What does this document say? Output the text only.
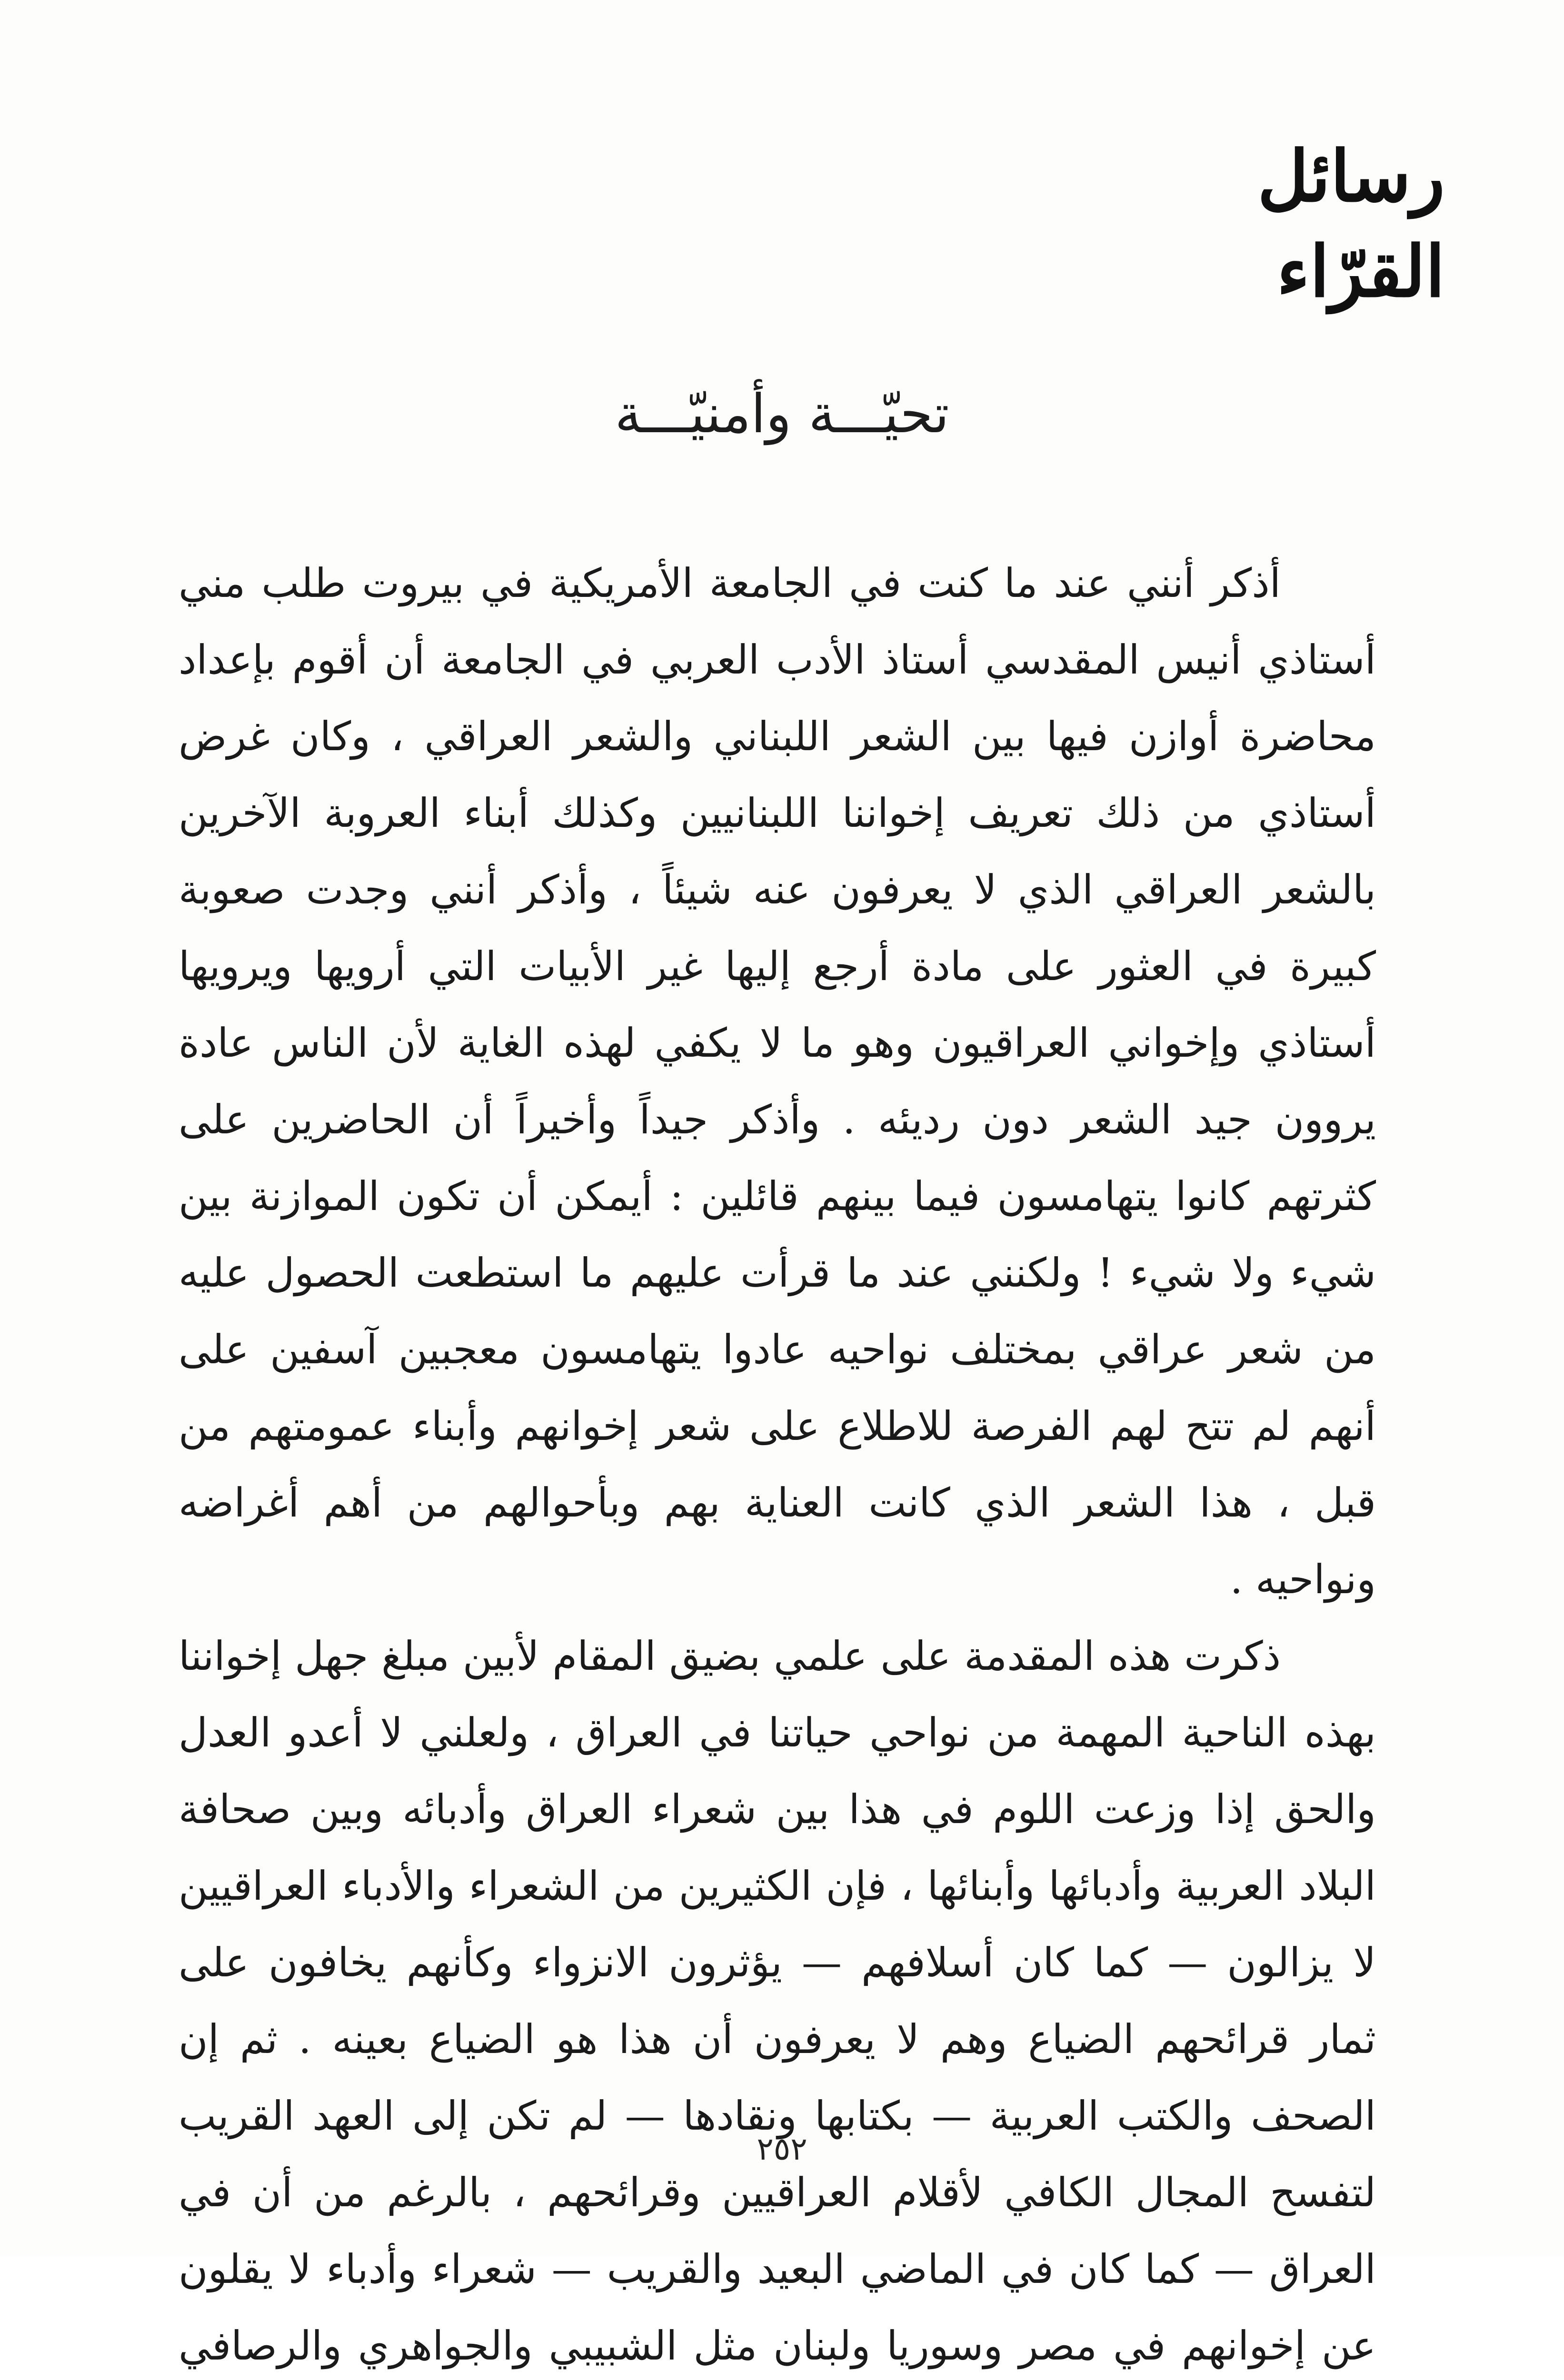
رسائل القرّاء
تحيّـــة وأمنيّـــة

أذكر أنني عند ما كنت في الجامعة الأمريكية في بيروت طلب مني أستاذي أنيس المقدسي أستاذ الأدب العربي في الجامعة أن أقوم بإعداد محاضرة أوازن فيها بين الشعر اللبناني والشعر العراقي ، وكان غرض أستاذي من ذلك تعريف إخواننا اللبنانيين وكذلك أبناء العروبة الآخرين بالشعر العراقي الذي لا يعرفون عنه شيئاً ، وأذكر أنني وجدت صعوبة كبيرة في العثور على مادة أرجع إليها غير الأبيات التي أرويها ويرويها أستاذي وإخواني العراقيون وهو ما لا يكفي لهذه الغاية لأن الناس عادة يروون جيد الشعر دون رديئه . وأذكر جيداً وأخيراً أن الحاضرين على كثرتهم كانوا يتهامسون فيما بينهم قائلين : أيمكن أن تكون الموازنة بين شيء ولا شيء ! ولكنني عند ما قرأت عليهم ما استطعت الحصول عليه من شعر عراقي بمختلف نواحيه عادوا يتهامسون معجبين آسفين على أنهم لم تتح لهم الفرصة للاطلاع على شعر إخوانهم وأبناء عمومتهم من قبل ، هذا الشعر الذي كانت العناية بهم وبأحوالهم من أهم أغراضه ونواحيه .

ذكرت هذه المقدمة على علمي بضيق المقام لأبين مبلغ جهل إخواننا بهذه الناحية المهمة من نواحي حياتنا في العراق ، ولعلني لا أعدو العدل والحق إذا وزعت اللوم في هذا بين شعراء العراق وأدبائه وبين صحافة البلاد العربية وأدبائها وأبنائها ، فإن الكثيرين من الشعراء والأدباء العراقيين لا يزالون — كما كان أسلافهم — يؤثرون الانزواء وكأنهم يخافون على ثمار قرائحهم الضياع وهم لا يعرفون أن هذا هو الضياع بعينه . ثم إن الصحف والكتب العربية — بكتابها ونقادها — لم تكن إلى العهد القريب لتفسح المجال الكافي لأقلام العراقيين وقرائحهم ، بالرغم من أن في العراق — كما كان في الماضي البعيد والقريب — شعراء وأدباء لا يقلون عن إخوانهم في مصر وسوريا ولبنان مثل الشبيبي والجواهري والرصافي

٢٥٢
